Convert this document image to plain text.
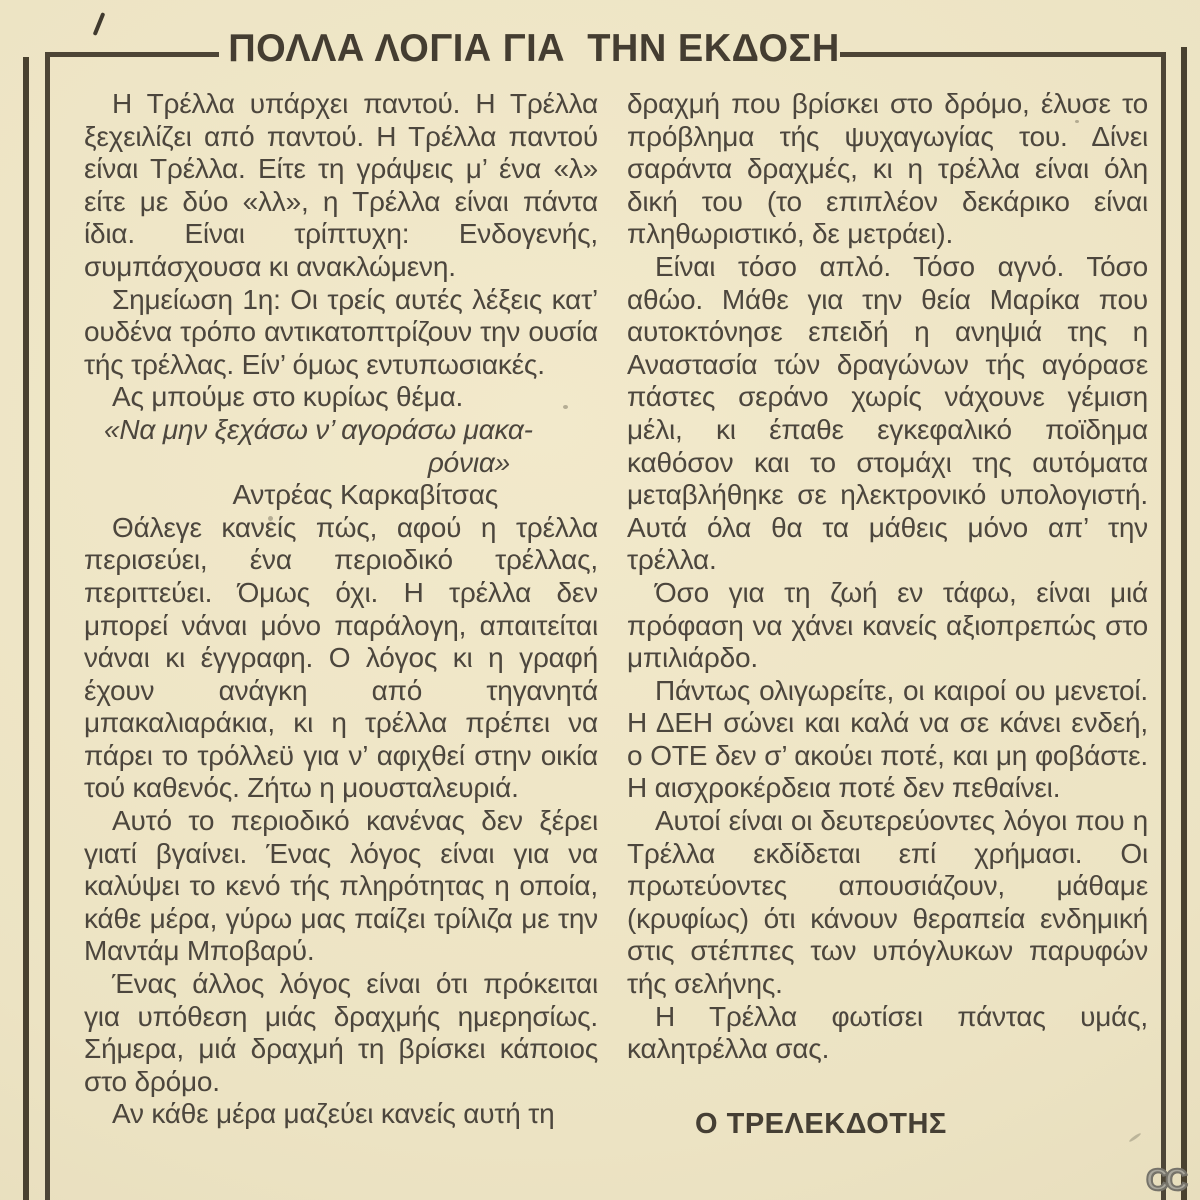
ΠΟΛΛΑ ΛΟΓΙΑ ΓΙΑ  ΤΗΝ ΕΚΔΟΣΗ

Η Τρέλλα υπάρχει παντού. Η Τρέλλα ξεχειλίζει από παντού. Η Τρέλλα παντού είναι Τρέλλα. Είτε τη γράψεις μ’ ένα «λ» είτε με δύο «λλ», η Τρέλλα είναι πάντα ίδια. Είναι τρίπτυχη: Ενδογενής, συμπάσχουσα κι ανακλώμενη.

Σημείωση 1η: Οι τρείς αυτές λέξεις κατ’ ουδένα τρόπο αντικατοπτρίζουν την ουσία τής τρέλλας. Είν’ όμως εντυπωσιακές.

Ας μπούμε στο κυρίως θέμα.

«Να μην ξεχάσω ν’ αγοράσω μακα-

ρόνια»

Αντρέας Καρκαβίτσας

Θάλεγε κανείς πώς, αφού η τρέλλα περισεύει, ένα περιοδικό τρέλλας, περιττεύει. Όμως όχι. Η τρέλλα δεν μπορεί νάναι μόνο παράλογη, απαιτείται νάναι κι έγγραφη. Ο λόγος κι η γραφή έχουν ανάγκη από τηγανητά μπακαλιαράκια, κι η τρέλλα πρέπει να πάρει το τρόλλεϋ για ν’ αφιχθεί στην οικία τού καθενός. Ζήτω η μουσταλευριά.

Αυτό το περιοδικό κανένας δεν ξέρει γιατί βγαίνει. Ένας λόγος είναι για να καλύψει το κενό τής πληρότητας η οποία, κάθε μέρα, γύρω μας παίζει τρίλιζα με την Μαντάμ Μποβαρύ.

Ένας άλλος λόγος είναι ότι πρόκειται για υπόθεση μιάς δραχμής ημερησίως. Σήμερα, μιά δραχμή τη βρίσκει κάποιος στο δρόμο.

Αν κάθε μέρα μαζεύει κανείς αυτή τη

δραχμή που βρίσκει στο δρόμο, έλυσε το πρόβλημα τής ψυχαγωγίας του. Δίνει σαράντα δραχμές, κι η τρέλλα είναι όλη δική του (το επιπλέον δεκάρικο είναι πληθωριστικό, δε μετράει).

Είναι τόσο απλό. Τόσο αγνό. Τόσο αθώο. Μάθε για την θεία Μαρίκα που αυτοκτόνησε επειδή η ανηψιά της η Αναστασία τών δραγώνων τής αγόρασε πάστες σεράνο χωρίς νάχουνε γέμιση μέλι, κι έπαθε εγκεφαλικό ποϊδημα καθόσον και το στομάχι της αυτόματα μεταβλήθηκε σε ηλεκτρονικό υπολογιστή. Αυτά όλα θα τα μάθεις μόνο απ’ την τρέλλα.

Όσο για τη ζωή εν τάφω, είναι μιά πρόφαση να χάνει κανείς αξιοπρεπώς στο μπιλιάρδο.

Πάντως ολιγωρείτε, οι καιροί ου μενετοί. Η ΔΕΗ σώνει και καλά να σε κάνει ενδεή, ο ΟΤΕ δεν σ’ ακούει ποτέ, και μη φοβάστε. Η αισχροκέρδεια ποτέ δεν πεθαίνει.

Αυτοί είναι οι δευτερεύοντες λόγοι που η Τρέλλα εκδίδεται επί χρήμασι. Οι πρωτεύοντες απουσιάζουν, μάθαμε (κρυφίως) ότι κάνουν θεραπεία ενδημική στις στέππες των υπόγλυκων παρυφών τής σελήνης.

Η Τρέλλα φωτίσει πάντας υμάς, καλητρέλλα σας.

Ο ΤΡΕΛΕΚΔΟΤΗΣ

CC
